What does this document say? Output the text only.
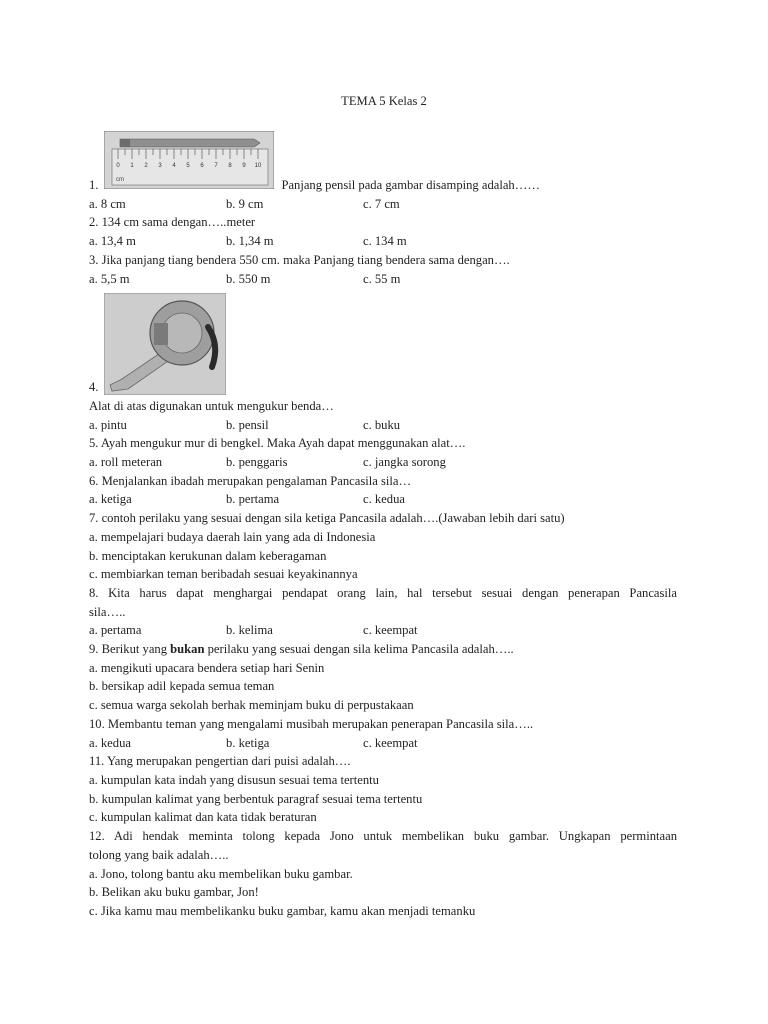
TEMA 5 Kelas 2
0 1 2 3 4 5 6 7 8 9 10
cm
1.	Panjang pensil pada gambar disamping adalah……
a. 8 cm	b. 9 cm	c. 7 cm
2. 134 cm sama dengan…..meter
a. 13,4 m	b. 1,34 m	c. 134 m
3. Jika panjang tiang bendera 550 cm. maka Panjang tiang bendera sama dengan….
a. 5,5 m	b. 550 m	c. 55 m
4.
Alat di atas digunakan untuk mengukur benda…
a. pintu	b. pensil	c. buku
5. Ayah mengukur mur di bengkel. Maka Ayah dapat menggunakan alat….
a. roll meteran	b. penggaris	c. jangka sorong
6. Menjalankan ibadah merupakan pengalaman Pancasila sila…
a. ketiga	b. pertama	c. kedua
7. contoh perilaku yang sesuai dengan sila ketiga Pancasila adalah….(Jawaban lebih dari satu)
a. mempelajari budaya daerah lain yang ada di Indonesia
b. menciptakan kerukunan dalam keberagaman
c. membiarkan teman beribadah sesuai keyakinannya
8. Kita harus dapat menghargai pendapat orang lain, hal tersebut sesuai dengan penerapan Pancasila
sila…..
a. pertama	b. kelima	c. keempat
9. Berikut yang bukan perilaku yang sesuai dengan sila kelima Pancasila adalah…..
a. mengikuti upacara bendera setiap hari Senin
b. bersikap adil kepada semua teman
c. semua warga sekolah berhak meminjam buku di perpustakaan
10. Membantu teman yang mengalami musibah merupakan penerapan Pancasila sila…..
a. kedua	b. ketiga	c. keempat
11. Yang merupakan pengertian dari puisi adalah….
a. kumpulan kata indah yang disusun sesuai tema tertentu
b. kumpulan kalimat yang berbentuk paragraf sesuai tema tertentu
c. kumpulan kalimat dan kata tidak beraturan
12. Adi hendak meminta tolong kepada Jono untuk membelikan buku gambar. Ungkapan permintaan
tolong yang baik adalah…..
a. Jono, tolong bantu aku membelikan buku gambar.
b. Belikan aku buku gambar, Jon!
c. Jika kamu mau membelikanku buku gambar, kamu akan menjadi temanku
